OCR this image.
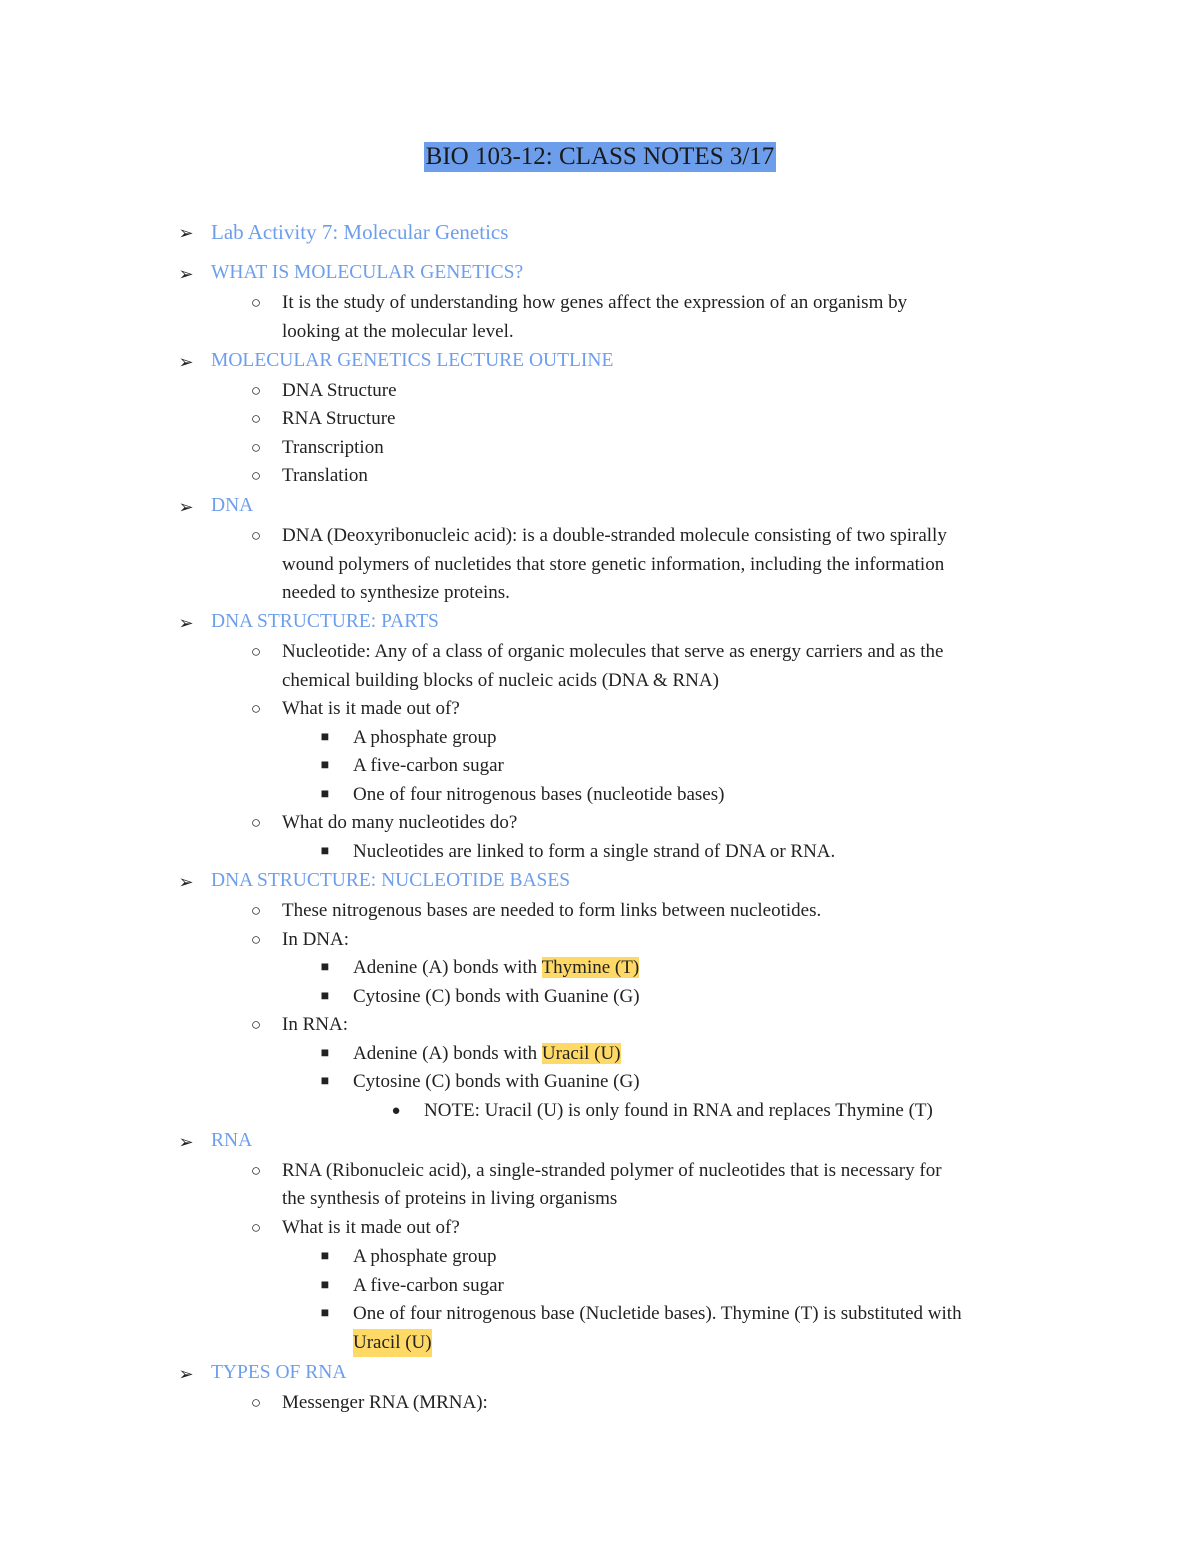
BIO 103-12: CLASS NOTES 3/17
➢ Lab Activity 7: Molecular Genetics
➢ WHAT IS MOLECULAR GENETICS?
○	It is the study of understanding how genes affect the expression of an organism by
looking at the molecular level.
➢ MOLECULAR GENETICS LECTURE OUTLINE
○	DNA Structure
○	RNA Structure
○	Transcription
○	Translation
➢ DNA
○	DNA (Deoxyribonucleic acid): is a double-stranded molecule consisting of two spirally
wound polymers of nucletides that store genetic information, including the information
needed to synthesize proteins.
➢ DNA STRUCTURE: PARTS
○	Nucleotide: Any of a class of organic molecules that serve as energy carriers and as the
chemical building blocks of nucleic acids (DNA & RNA)
○	What is it made out of?
■	A phosphate group
■	A five-carbon sugar
■	One of four nitrogenous bases (nucleotide bases)
○	What do many nucleotides do?
■	Nucleotides are linked to form a single strand of DNA or RNA.
➢ DNA STRUCTURE: NUCLEOTIDE BASES
○	These nitrogenous bases are needed to form links between nucleotides.
○	In DNA:
■	Adenine (A) bonds with Thymine (T)
■	Cytosine (C) bonds with Guanine (G)
○	In RNA:
■	Adenine (A) bonds with Uracil (U)
■	Cytosine (C) bonds with Guanine (G)
●	NOTE: Uracil (U) is only found in RNA and replaces Thymine (T)
➢ RNA
○	RNA (Ribonucleic acid), a single-stranded polymer of nucleotides that is necessary for
the synthesis of proteins in living organisms
○	What is it made out of?
■	A phosphate group
■	A five-carbon sugar
■	One of four nitrogenous base (Nucletide bases). Thymine (T) is substituted with
Uracil (U)
➢ TYPES OF RNA
○	Messenger RNA (MRNA):
